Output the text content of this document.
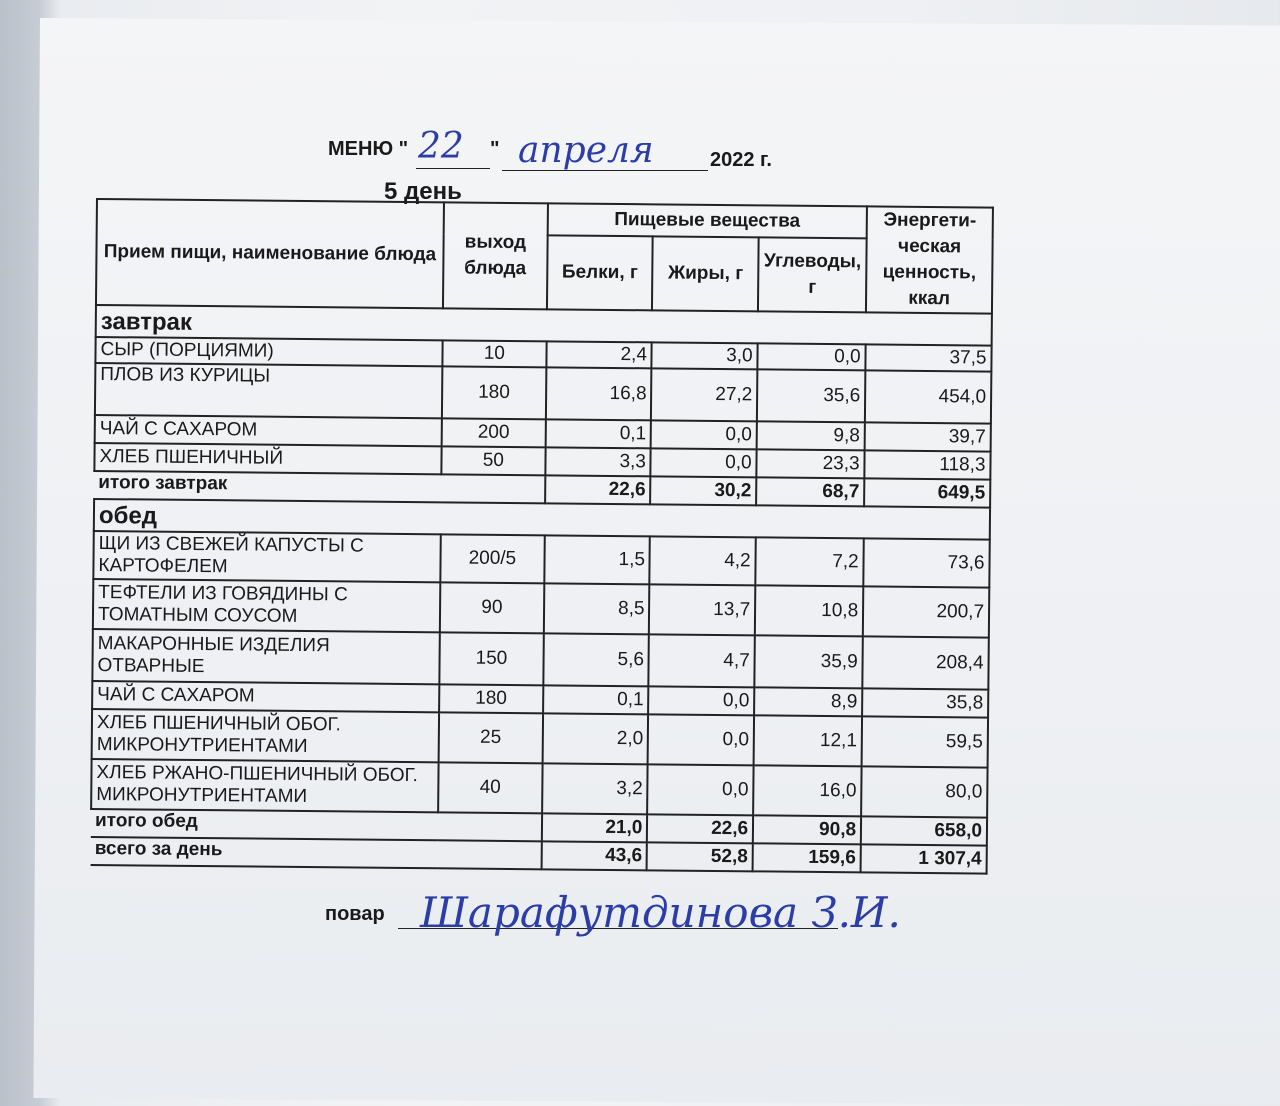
МЕНЮ " 22 " апреля	2022 г.
5 день
Прием пищи, наименование блюда	выход блюда	Пищевые вещества			Энергети-ческая ценность, ккал
		Белки, г	Жиры, г	Углеводы, г	
завтрак					
СЫР (ПОРЦИЯМИ)	10	2,4	3,0	0,0	37,5
ПЛОВ ИЗ КУРИЦЫ	180	16,8	27,2	35,6	454,0
ЧАЙ С САХАРОМ	200	0,1	0,0	9,8	39,7
ХЛЕБ ПШЕНИЧНЫЙ	50	3,3	0,0	23,3	118,3
итого завтрак		22,6	30,2	68,7	649,5
обед					
ЩИ ИЗ СВЕЖЕЙ КАПУСТЫ С КАРТОФЕЛЕМ	200/5	1,5	4,2	7,2	73,6
ТЕФТЕЛИ ИЗ ГОВЯДИНЫ С ТОМАТНЫМ СОУСОМ	90	8,5	13,7	10,8	200,7
МАКАРОННЫЕ ИЗДЕЛИЯ ОТВАРНЫЕ	150	5,6	4,7	35,9	208,4
ЧАЙ С САХАРОМ	180	0,1	0,0	8,9	35,8
ХЛЕБ ПШЕНИЧНЫЙ ОБОГ. МИКРОНУТРИЕНТАМИ	25	2,0	0,0	12,1	59,5
ХЛЕБ РЖАНО-ПШЕНИЧНЫЙ ОБОГ. МИКРОНУТРИЕНТАМИ	40	3,2	0,0	16,0	80,0
итого обед		21,0	22,6	90,8	658,0
всего за день		43,6	52,8	159,6	1 307,4
повар Шарафутдинова З.И.
